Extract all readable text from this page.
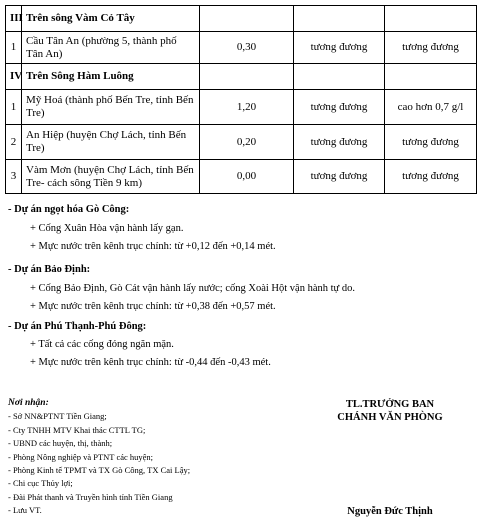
III	Trên sông Vàm Cỏ Tây			
1	Cầu Tân An (phường 5, thành phố Tân An)	0,30	tương đương	tương đương
IV	Trên Sông Hàm Luông			
1	Mỹ Hoá (thành phố Bến Tre, tỉnh Bến Tre)	1,20	tương đương	cao hơn 0,7 g/l
2	An Hiệp (huyện Chợ Lách, tỉnh Bến Tre)	0,20	tương đương	tương đương
3	Vàm Mơn (huyện Chợ Lách, tỉnh Bến Tre- cách sông Tiền 9 km)	0,00	tương đương	tương đương
- Dự án ngọt hóa Gò Công:
+ Cống Xuân Hòa vận hành lấy gạn.
+ Mực nước trên kênh trục chính: từ +0,12 đến +0,14 mét.
- Dự án Bảo Định:
+ Cống Bảo Định, Gò Cát vận hành lấy nước; cống Xoài Hột vận hành tự do.
+ Mực nước trên kênh trục chính: từ +0,38 đến +0,57 mét.
- Dự án Phú Thạnh-Phú Đông:
+ Tất cả các cống đóng ngăn mặn.
+ Mực nước trên kênh trục chính: từ -0,44 đến -0,43 mét.
Nơi nhận:
- Sở NN&PTNT Tiền Giang;
- Cty TNHH MTV Khai thác CTTL TG;
- UBND các huyện, thị, thành;
- Phòng Nông nghiệp và PTNT các huyện;
- Phòng Kinh tế TPMT và TX Gò Công, TX Cai Lậy;
- Chi cục Thủy lợi;
- Đài Phát thanh và Truyền hình tỉnh Tiền Giang
- Lưu VT.
TL.TRƯỞNG BAN
CHÁNH VĂN PHÒNG
Nguyễn Đức Thịnh
